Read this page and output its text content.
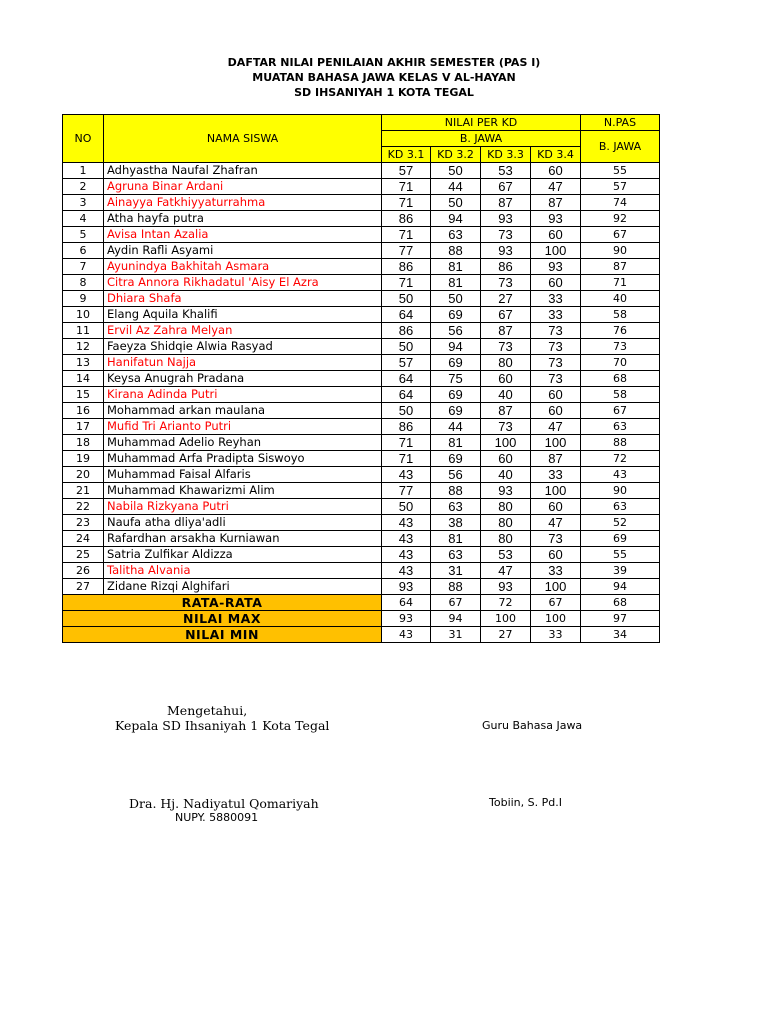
DAFTAR NILAI PENILAIAN AKHIR SEMESTER (PAS I)
MUATAN BAHASA JAWA KELAS V AL-HAYAN
SD IHSANIYAH 1 KOTA TEGAL
NO	NAMA SISWA	NILAI PER KD				N.PAS
		B. JAWA				B. JAWA
		KD 3.1	KD 3.2	KD 3.3	KD 3.4	
1	Adhyastha Naufal Zhafran	57	50	53	60	55
2	Agruna Binar Ardani	71	44	67	47	57
3	Ainayya Fatkhiyyaturrahma	71	50	87	87	74
4	Atha hayfa putra	86	94	93	93	92
5	Avisa Intan Azalia	71	63	73	60	67
6	Aydin Rafli Asyami	77	88	93	100	90
7	Ayunindya Bakhitah Asmara	86	81	86	93	87
8	Citra Annora Rikhadatul 'Aisy El Azra	71	81	73	60	71
9	Dhiara Shafa	50	50	27	33	40
10	Elang Aquila Khalifi	64	69	67	33	58
11	Ervil Az Zahra Melyan	86	56	87	73	76
12	Faeyza Shidqie Alwia Rasyad	50	94	73	73	73
13	Hanifatun Najja	57	69	80	73	70
14	Keysa Anugrah Pradana	64	75	60	73	68
15	Kirana Adinda Putri	64	69	40	60	58
16	Mohammad arkan maulana	50	69	87	60	67
17	Mufid Tri Arianto Putri	86	44	73	47	63
18	Muhammad Adelio Reyhan	71	81	100	100	88
19	Muhammad Arfa Pradipta Siswoyo	71	69	60	87	72
20	Muhammad Faisal Alfaris	43	56	40	33	43
21	Muhammad Khawarizmi Alim	77	88	93	100	90
22	Nabila Rizkyana Putri	50	63	80	60	63
23	Naufa atha dliya'adli	43	38	80	47	52
24	Rafardhan arsakha Kurniawan	43	81	80	73	69
25	Satria Zulfikar Aldizza	43	63	53	60	55
26	Talitha Alvania	43	31	47	33	39
27	Zidane Rizqi Alghifari	93	88	93	100	94
RATA-RATA		64	67	72	67	68
NILAI MAX		93	94	100	100	97
NILAI MIN		43	31	27	33	34
Mengetahui,
Kepala SD Ihsaniyah 1 Kota Tegal	Guru Bahasa Jawa
Dra. Hj. Nadiyatul Qomariyah	Tobiin, S. Pd.I
NUPY. 5880091
